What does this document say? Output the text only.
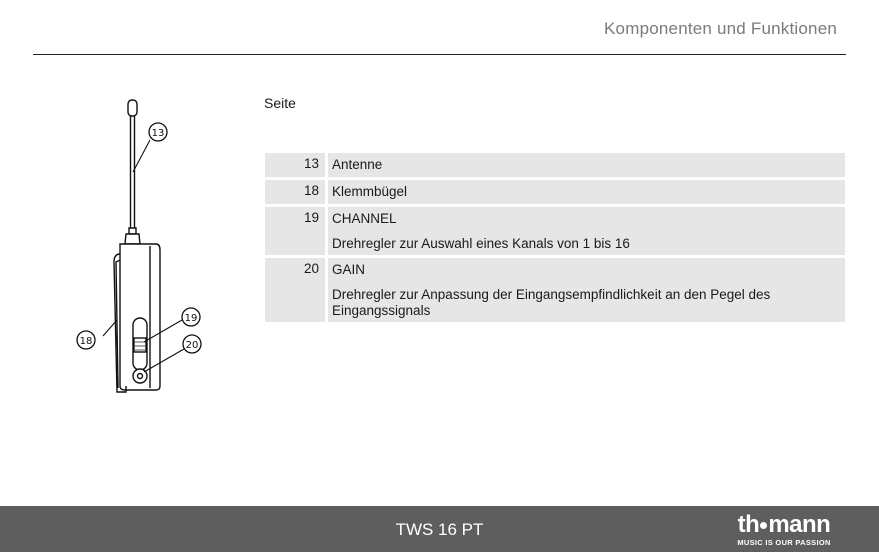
Komponenten und Funktionen
13
18
19
20
Seite
13	Antenne

18	Klemmbügel

19	CHANNEL
Drehregler zur Auswahl eines Kanals von 1 bis 16

20	GAIN
Drehregler zur Anpassung der Eingangsempfindlichkeit an den Pegel des Eingangssignals
TWS 16 PT	th mann
MUSIC IS OUR PASSION
